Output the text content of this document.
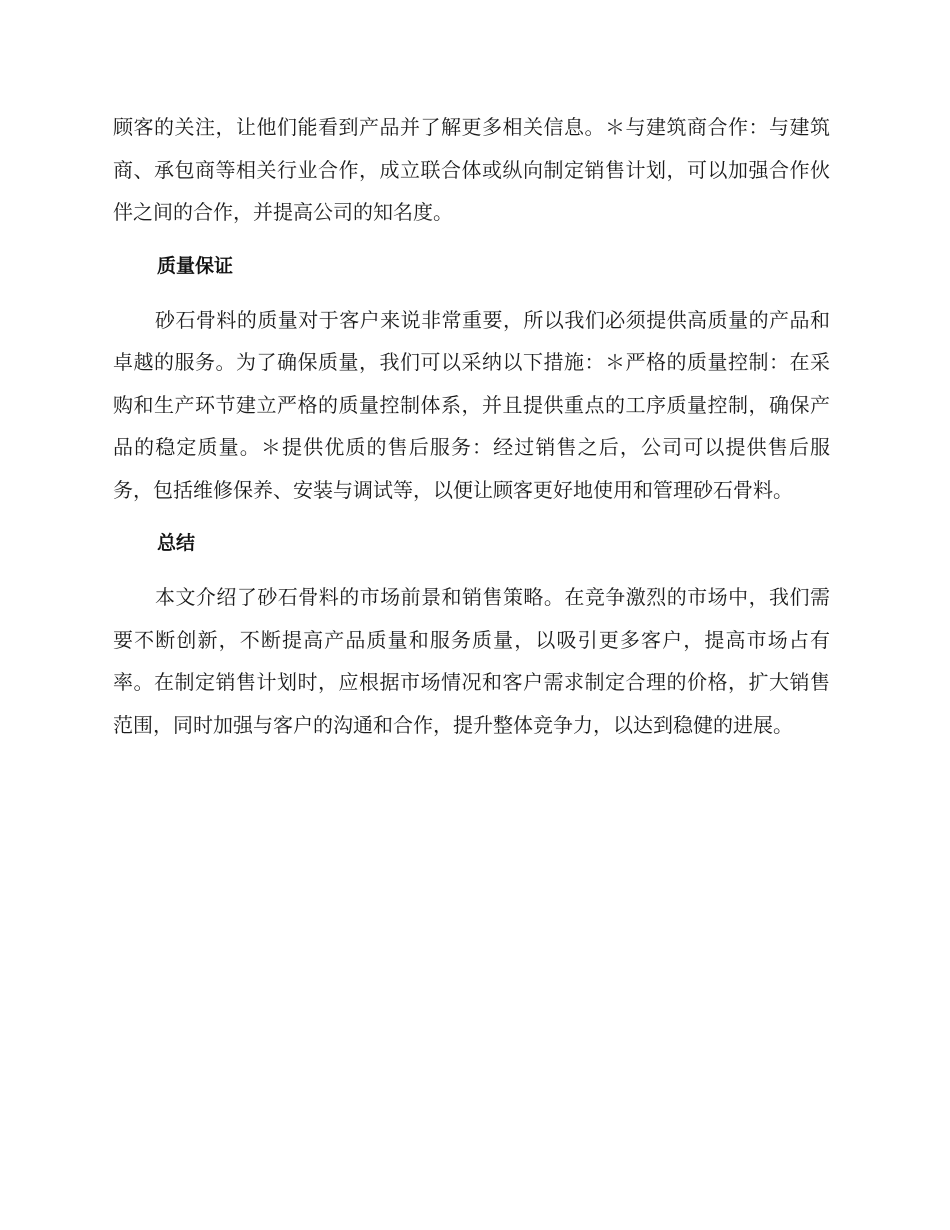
顾客的关注，让他们能看到产品并了解更多相关信息。＊与建筑商合作：与建筑商、承包商等相关行业合作，成立联合体或纵向制定销售计划，可以加强合作伙伴之间的合作，并提高公司的知名度。

质量保证

砂石骨料的质量对于客户来说非常重要，所以我们必须提供高质量的产品和卓越的服务。为了确保质量，我们可以采纳以下措施：＊严格的质量控制：在采购和生产环节建立严格的质量控制体系，并且提供重点的工序质量控制，确保产品的稳定质量。＊提供优质的售后服务：经过销售之后，公司可以提供售后服务，包括维修保养、安装与调试等，以便让顾客更好地使用和管理砂石骨料。

总结

本文介绍了砂石骨料的市场前景和销售策略。在竞争激烈的市场中，我们需要不断创新，不断提高产品质量和服务质量，以吸引更多客户，提高市场占有率。在制定销售计划时，应根据市场情况和客户需求制定合理的价格，扩大销售范围，同时加强与客户的沟通和合作，提升整体竞争力，以达到稳健的进展。
